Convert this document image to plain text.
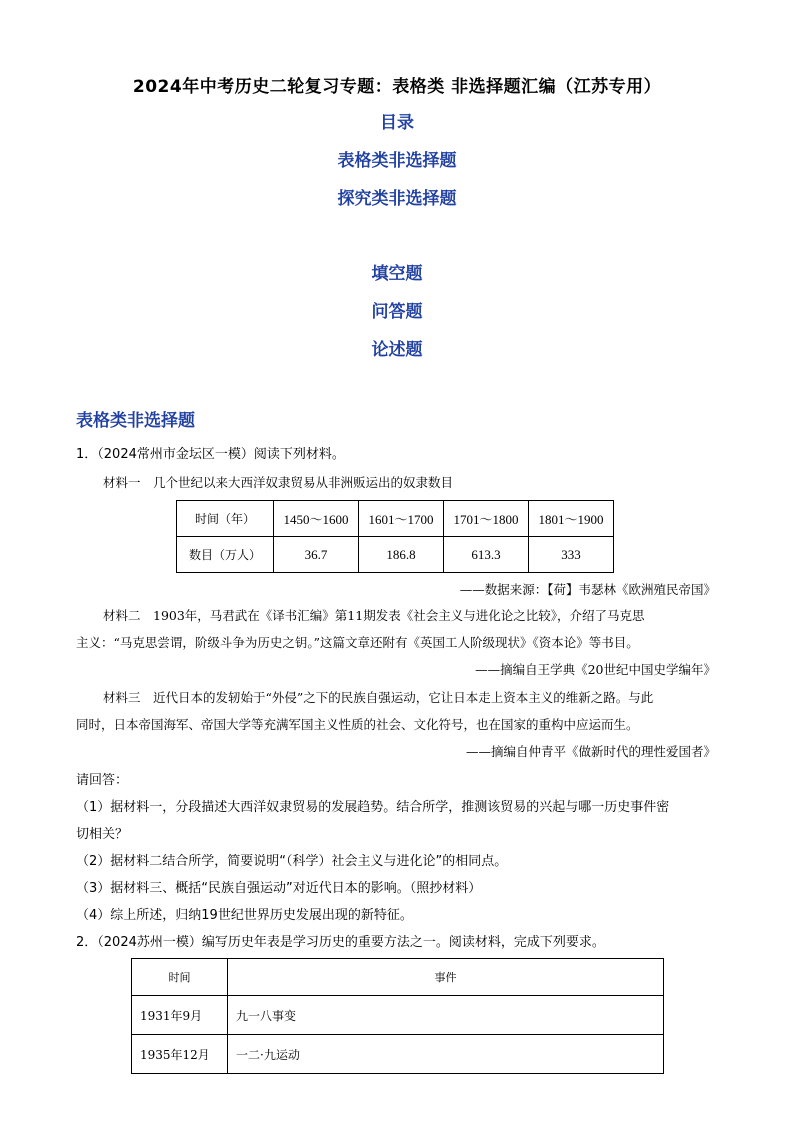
2024年中考历史二轮复习专题：表格类 非选择题汇编（江苏专用）
目录
表格类非选择题
探究类非选择题
填空题
问答题
论述题
表格类非选择题
1．（2024常州市金坛区一模）阅读下列材料。
材料一　几个世纪以来大西洋奴隶贸易从非洲贩运出的奴隶数目
时间（年）	1450～1600	1601～1700	1701～1800	1801～1900
数目（万人）	36.7	186.8	613.3	333
——数据来源：【荷】韦瑟林《欧洲殖民帝国》
材料二　1903年，马君武在《译书汇编》第11期发表《社会主义与进化论之比较》，介绍了马克思
主义：“马克思尝谓，阶级斗争为历史之钥。”这篇文章还附有《英国工人阶级现状》《资本论》等书目。
——摘编自王学典《20世纪中国史学编年》
材料三　近代日本的发轫始于“外侵”之下的民族自强运动，它让日本走上资本主义的维新之路。与此
同时，日本帝国海军、帝国大学等充满军国主义性质的社会、文化符号，也在国家的重构中应运而生。
——摘编自仲青平《做新时代的理性爱国者》
请回答：
（1）据材料一，分段描述大西洋奴隶贸易的发展趋势。结合所学，推测该贸易的兴起与哪一历史事件密
切相关？
（2）据材料二结合所学，简要说明“（科学）社会主义与进化论”的相同点。
（3）据材料三、概括“民族自强运动”对近代日本的影响。（照抄材料）
（4）综上所述，归纳19世纪世界历史发展出现的新特征。
2．（2024苏州一模）编写历史年表是学习历史的重要方法之一。阅读材料，完成下列要求。
时间	事件
1931年9月	九一八事变
1935年12月	一二·九运动
